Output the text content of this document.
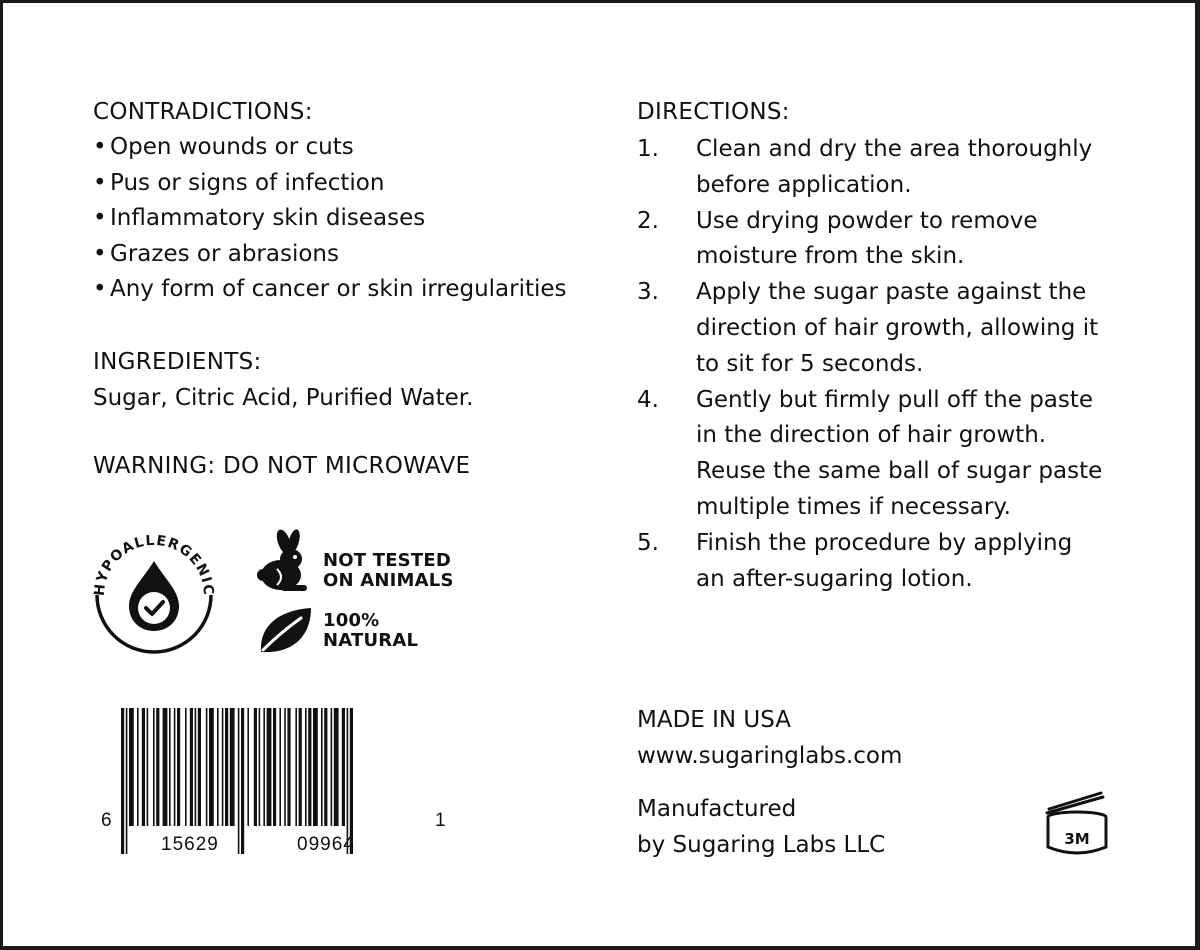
CONTRADICTIONS:
• Open wounds or cuts
• Pus or signs of infection
• Inflammatory skin diseases
• Grazes or abrasions
• Any form of cancer or skin irregularities
INGREDIENTS:
Sugar, Citric Acid, Purified Water.
WARNING: DO NOT MICROWAVE
HYPOALLERGENIC
NOT TESTED
ON ANIMALS
100%
NATURAL
6
15629	09964
1
DIRECTIONS:
1.	Clean and dry the area thoroughly before application.
2.	Use drying powder to remove moisture from the skin.
3.	Apply the sugar paste against the direction of hair growth, allowing it to sit for 5 seconds.
4.	Gently but firmly pull off the paste in the direction of hair growth. Reuse the same ball of sugar paste multiple times if necessary.
5.	Finish the procedure by applying an after-sugaring lotion.
MADE IN USA
www.sugaringlabs.com
Manufactured
by Sugaring Labs LLC	3M
